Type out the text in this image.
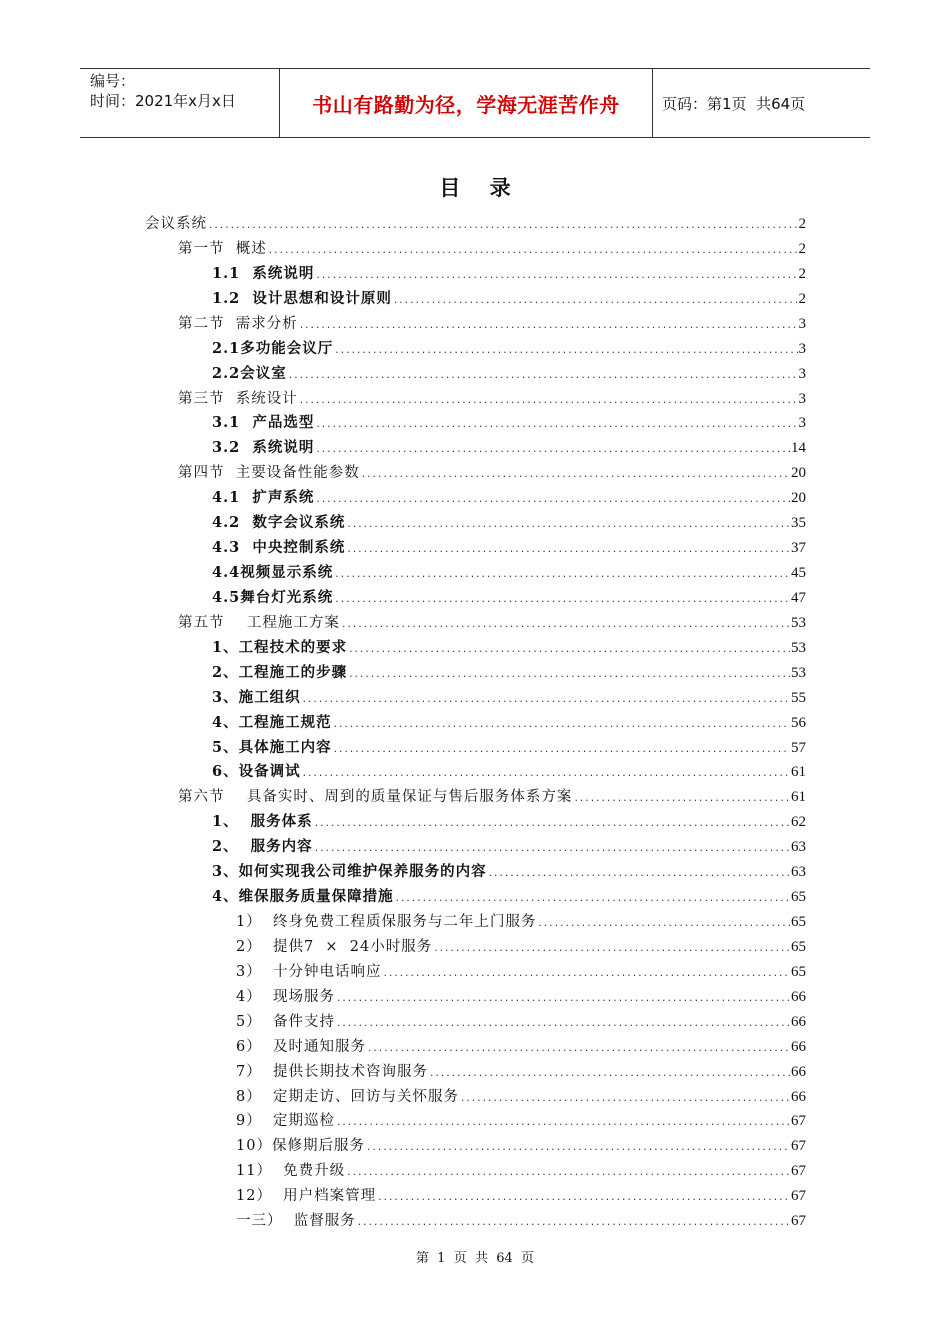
编号：
时间：2021年x月x日	书山有路勤为径，学海无涯苦作舟	页码：第1页  共64页
目    录
会议系统 .....	2
第一节  概述 .....	2
1.1  系统说明 .....	2
1.2  设计思想和设计原则 .....	2
第二节  需求分析 .....	3
2.1多功能会议厅 .....	3
2.2会议室 .....	3
第三节  系统设计 .....	3
3.1  产品选型 .....	3
3.2  系统说明 .....	14
第四节  主要设备性能参数 .....	20
4.1  扩声系统 .....	20
4.2  数字会议系统 .....	35
4.3  中央控制系统 .....	37
4.4视频显示系统 .....	45
4.5舞台灯光系统 .....	47
第五节    工程施工方案 .....	53
1、工程技术的要求 .....	53
2、工程施工的步骤 .....	53
3、施工组织 .....	55
4、工程施工规范 .....	56
5、具体施工内容 .....	57
6、设备调试 .....	61
第六节    具备实时、周到的质量保证与售后服务体系方案 .....	61
1、  服务体系 .....	62
2、  服务内容 .....	63
3、如何实现我公司维护保养服务的内容 .....	63
4、维保服务质量保障措施 .....	65
1）  终身免费工程质保服务与二年上门服务 .....	65
2）  提供7  ×  24小时服务 .....	65
3）  十分钟电话响应 .....	65
4）  现场服务 .....	66
5）  备件支持 .....	66
6）  及时通知服务 .....	66
7）  提供长期技术咨询服务 .....	66
8）  定期走访、回访与关怀服务 .....	66
9）  定期巡检 .....	67
10）保修期后服务 .....	67
11）  免费升级 .....	67
12）  用户档案管理 .....	67
一三）  监督服务 .....	67
第  1  页  共  64  页
